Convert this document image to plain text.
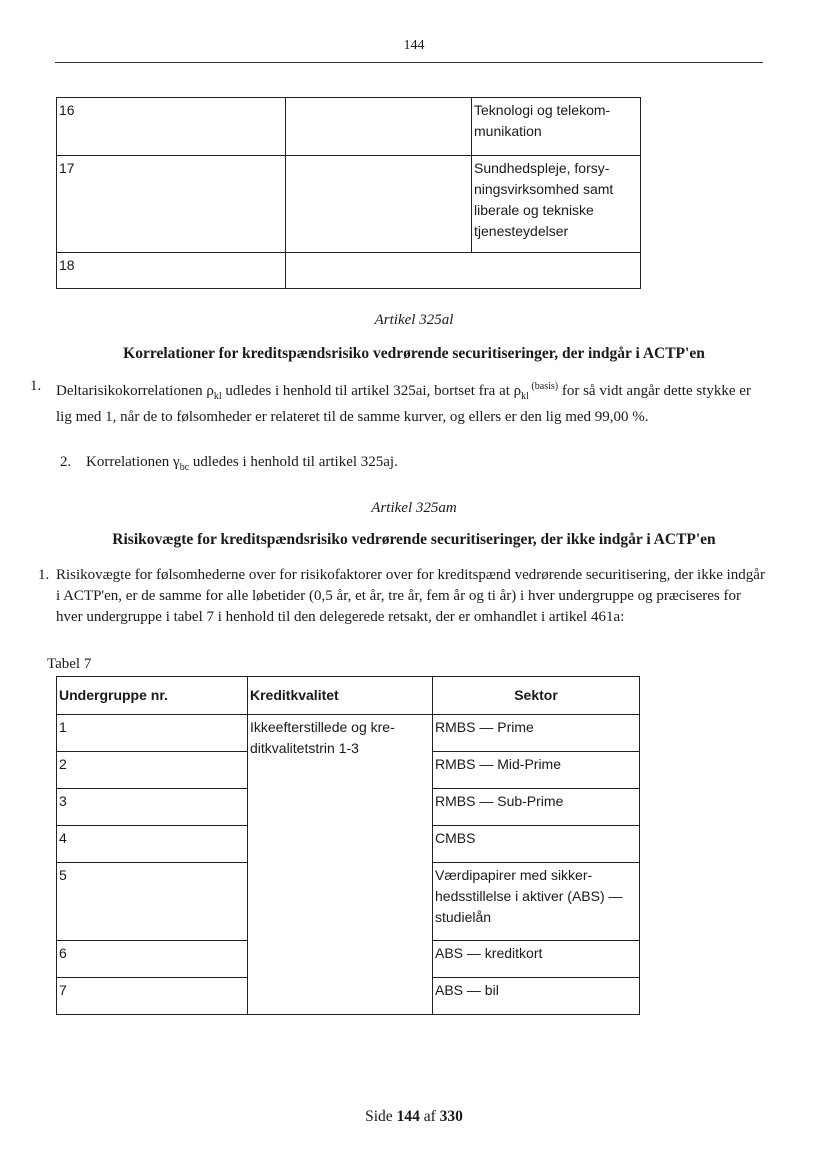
144
16		Teknologi og telekom-munikation
17		Sundhedspleje, forsy-ningsvirksomhed samt liberale og tekniske tjenesteydelser
18		
Artikel 325al
Korrelationer for kreditspændsrisiko vedrørende securitiseringer, der indgår i ACTP'en
1. Deltarisikokorrelationen $\rho_{kl}$ udledes i henhold til artikel 325ai, bortset fra at $\rho_{kl}$ $^{(basis)}$ for så vidt angår dette stykke er lig med 1, når de to følsomheder er relateret til de samme kurver, og ellers er den lig med 99,00 %.
2. Korrelationen $\gamma_{bc}$ udledes i henhold til artikel 325aj.
Artikel 325am
Risikovægte for kreditspændsrisiko vedrørende securitiseringer, der ikke indgår i ACTP'en
1. Risikovægte for følsomhederne over for risikofaktorer over for kreditspænd vedrørende securitisering, der ikke indgår i ACTP'en, er de samme for alle løbetider (0,5 år, et år, tre år, fem år og ti år) i hver undergruppe og præciseres for hver undergruppe i tabel 7 i henhold til den delegerede retsakt, der er omhandlet i artikel 461a:
Tabel 7
Undergruppe nr.	Kreditkvalitet	Sektor
1	Ikkeefterstillede og kre-ditkvalitetstrin 1-3	RMBS — Prime
2		RMBS — Mid-Prime
3		RMBS — Sub-Prime
4		CMBS
5		Værdipapirer med sikker-hedsstillelse i aktiver (ABS) — studielån
6		ABS — kreditkort
7		ABS — bil
Side 144 af 330
